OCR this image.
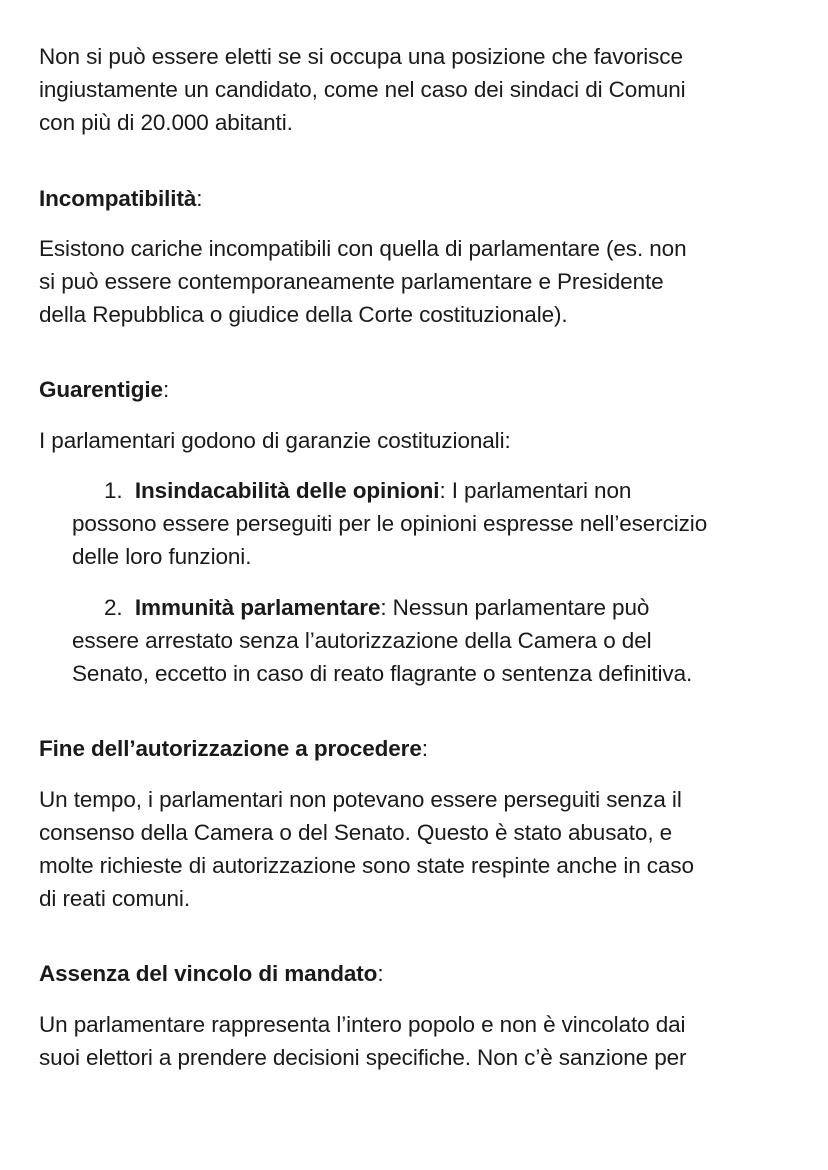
Non si può essere eletti se si occupa una posizione che favorisce
ingiustamente un candidato, come nel caso dei sindaci di Comuni
con più di 20.000 abitanti.

Incompatibilità:

Esistono cariche incompatibili con quella di parlamentare (es. non
si può essere contemporaneamente parlamentare e Presidente
della Repubblica o giudice della Corte costituzionale).

Guarentigie:

I parlamentari godono di garanzie costituzionali:

1. Insindacabilità delle opinioni: I parlamentari non
possono essere perseguiti per le opinioni espresse nell’esercizio
delle loro funzioni.

2. Immunità parlamentare: Nessun parlamentare può
essere arrestato senza l’autorizzazione della Camera o del
Senato, eccetto in caso di reato flagrante o sentenza definitiva.

Fine dell’autorizzazione a procedere:

Un tempo, i parlamentari non potevano essere perseguiti senza il
consenso della Camera o del Senato. Questo è stato abusato, e
molte richieste di autorizzazione sono state respinte anche in caso
di reati comuni.

Assenza del vincolo di mandato:

Un parlamentare rappresenta l’intero popolo e non è vincolato dai
suoi elettori a prendere decisioni specifiche. Non c’è sanzione per
